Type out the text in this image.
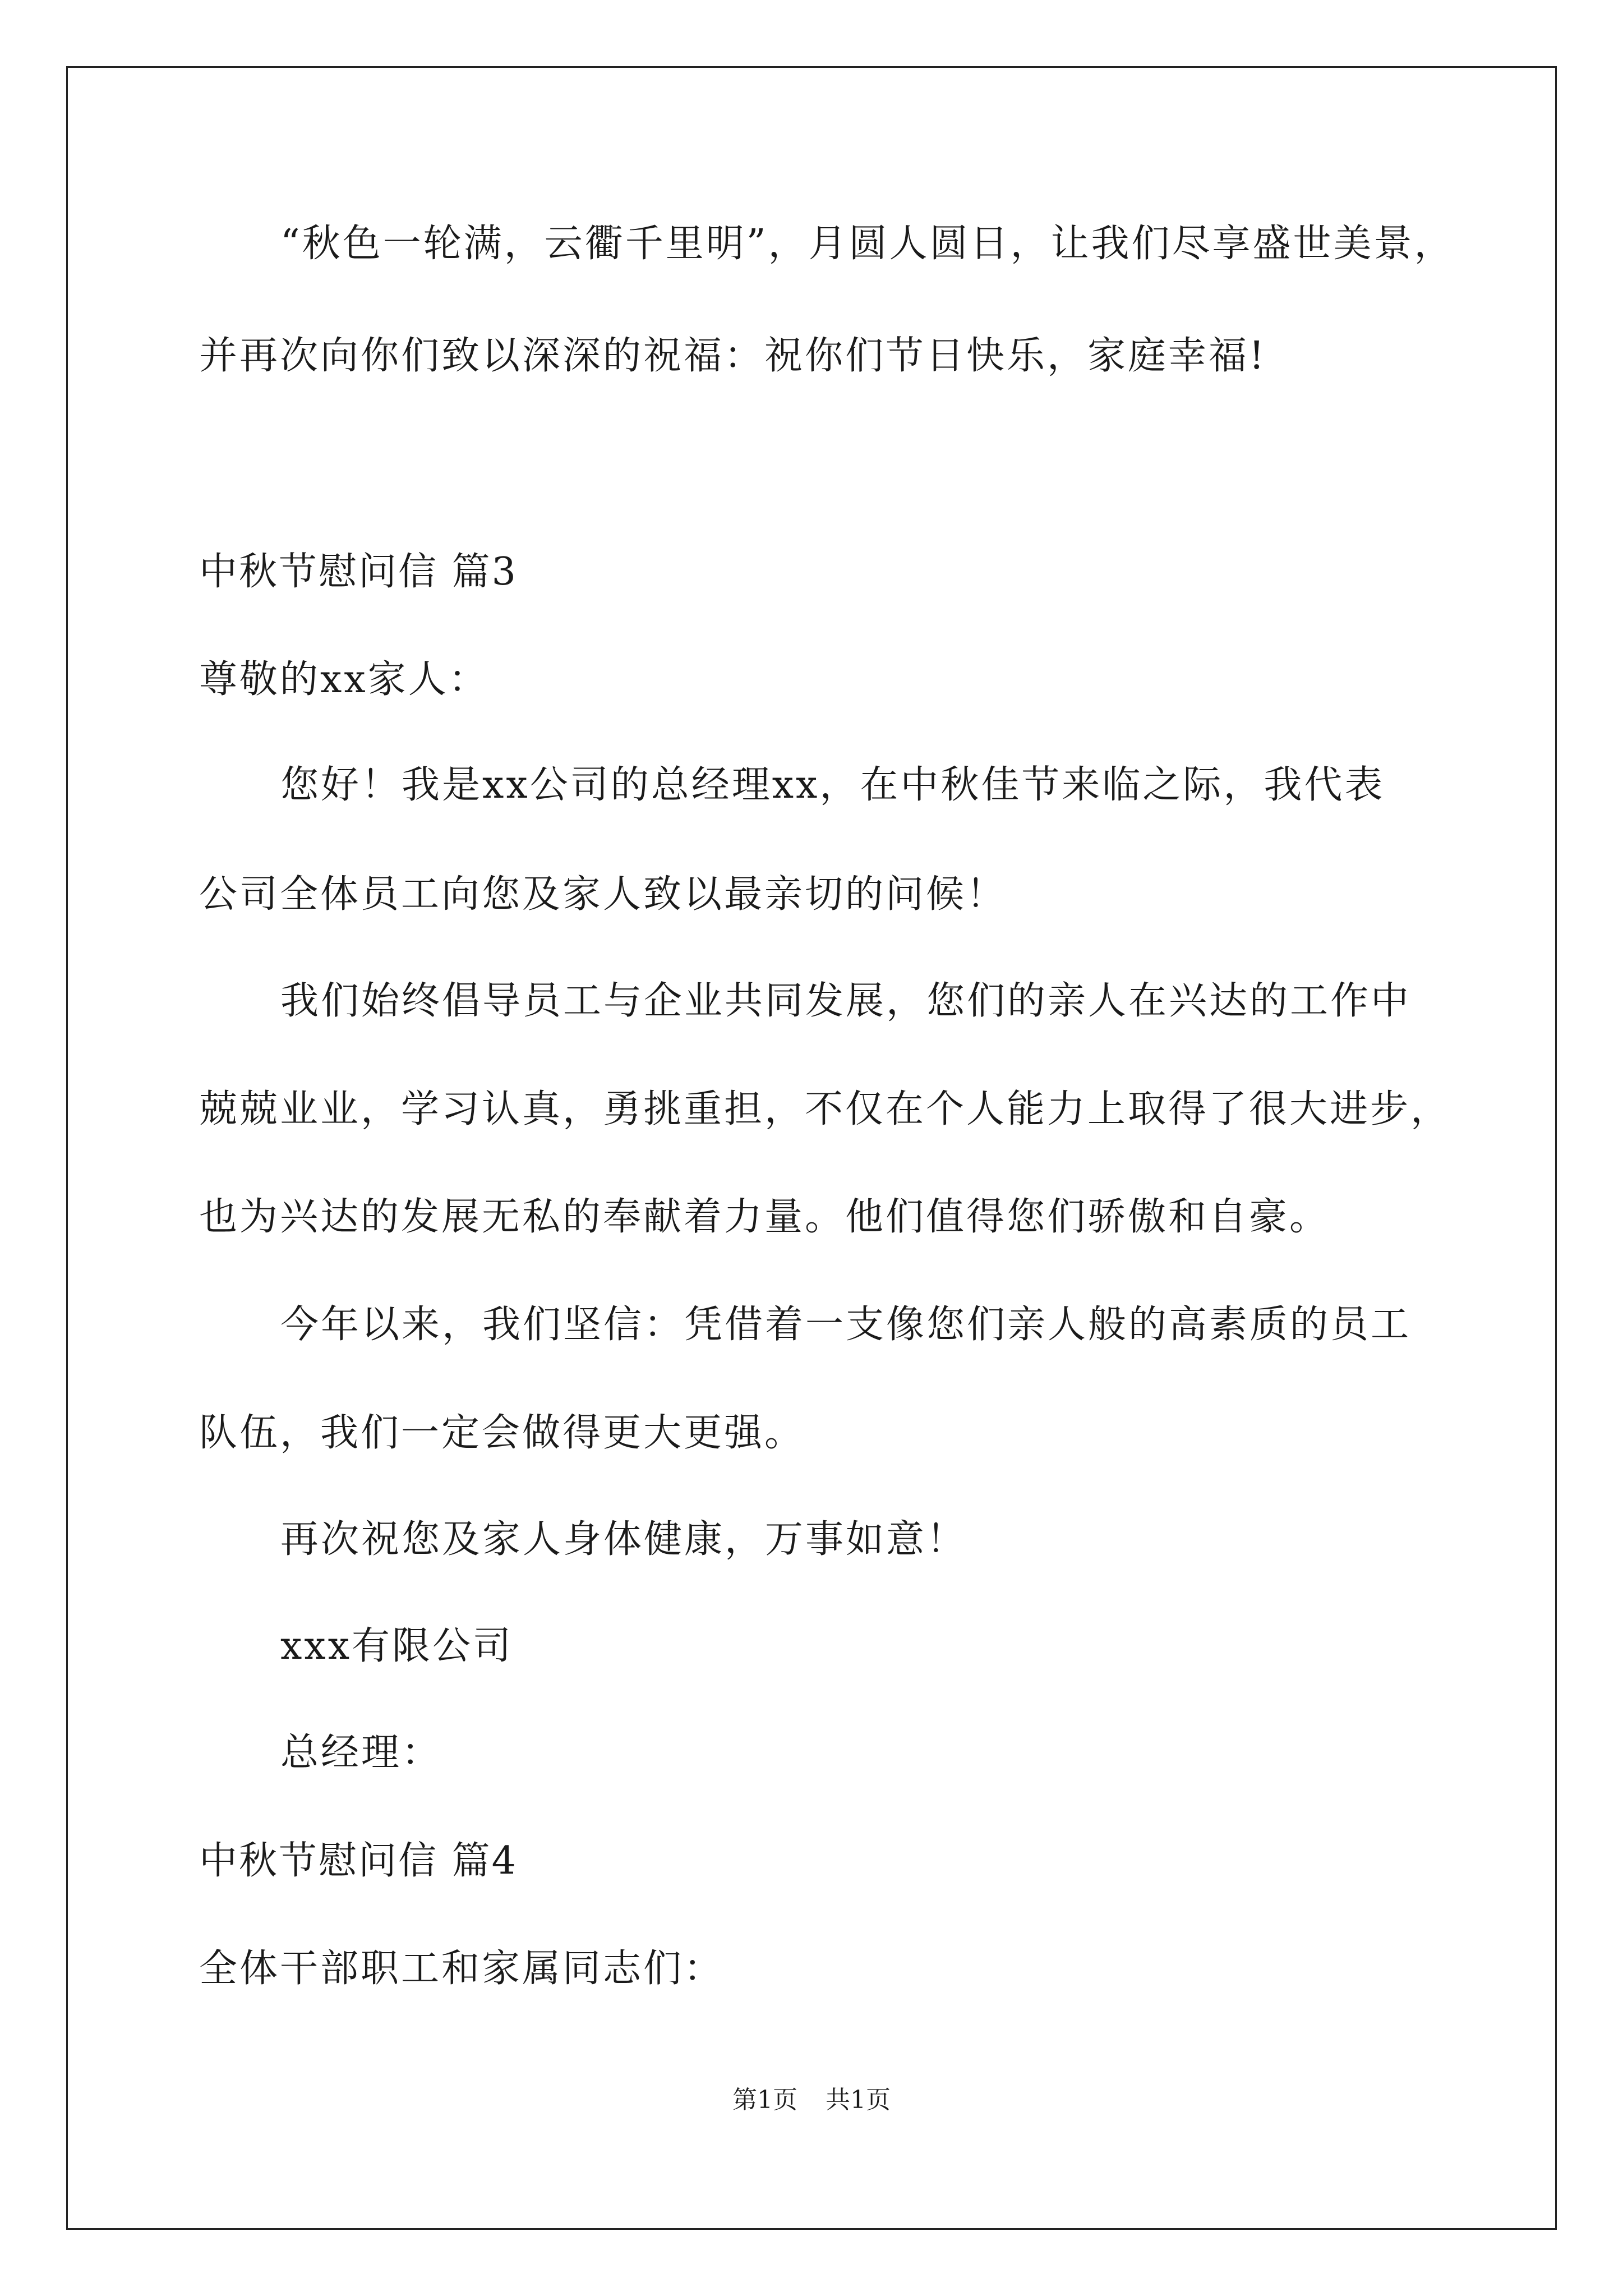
“秋色一轮满，云衢千里明”，月圆人圆日，让我们尽享盛世美景，
并再次向你们致以深深的祝福：祝你们节日快乐，家庭幸福!
中秋节慰问信 篇3
尊敬的xx家人：
您好！我是xx公司的总经理xx，在中秋佳节来临之际，我代表
公司全体员工向您及家人致以最亲切的问候！
我们始终倡导员工与企业共同发展，您们的亲人在兴达的工作中
兢兢业业，学习认真，勇挑重担，不仅在个人能力上取得了很大进步，
也为兴达的发展无私的奉献着力量。他们值得您们骄傲和自豪。
今年以来，我们坚信：凭借着一支像您们亲人般的高素质的员工
队伍，我们一定会做得更大更强。
再次祝您及家人身体健康，万事如意！
xxx有限公司
总经理：
中秋节慰问信 篇4
全体干部职工和家属同志们：
第1页 共1页
